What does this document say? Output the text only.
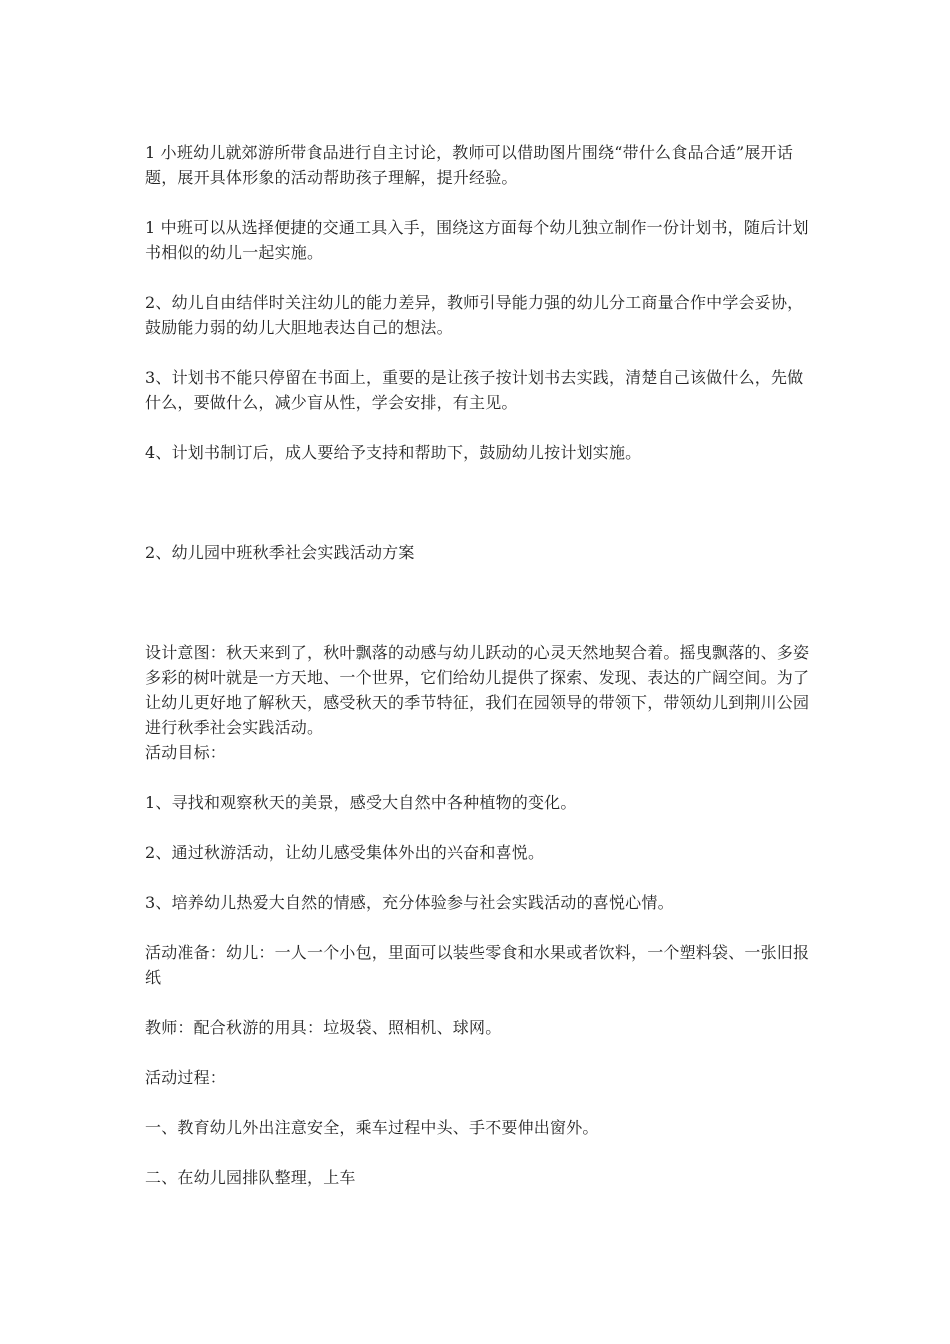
1 小班幼儿就郊游所带食品进行自主讨论，教师可以借助图片围绕“带什么食品合适”展开话题，展开具体形象的活动帮助孩子理解，提升经验。

1 中班可以从选择便捷的交通工具入手，围绕这方面每个幼儿独立制作一份计划书，随后计划书相似的幼儿一起实施。

2、幼儿自由结伴时关注幼儿的能力差异，教师引导能力强的幼儿分工商量合作中学会妥协，鼓励能力弱的幼儿大胆地表达自己的想法。

3、计划书不能只停留在书面上，重要的是让孩子按计划书去实践，清楚自己该做什么，先做什么，要做什么，减少盲从性，学会安排，有主见。

4、计划书制订后，成人要给予支持和帮助下，鼓励幼儿按计划实施。

2、幼儿园中班秋季社会实践活动方案

设计意图：秋天来到了，秋叶飘落的动感与幼儿跃动的心灵天然地契合着。摇曳飘落的、多姿多彩的树叶就是一方天地、一个世界，它们给幼儿提供了探索、发现、表达的广阔空间。为了让幼儿更好地了解秋天，感受秋天的季节特征，我们在园领导的带领下，带领幼儿到荆川公园进行秋季社会实践活动。

活动目标：

1、寻找和观察秋天的美景，感受大自然中各种植物的变化。

2、通过秋游活动，让幼儿感受集体外出的兴奋和喜悦。

3、培养幼儿热爱大自然的情感，充分体验参与社会实践活动的喜悦心情。

活动准备：幼儿：一人一个小包，里面可以装些零食和水果或者饮料，一个塑料袋、一张旧报纸

教师：配合秋游的用具：垃圾袋、照相机、球网。

活动过程：

一、教育幼儿外出注意安全，乘车过程中头、手不要伸出窗外。

二、在幼儿园排队整理，上车
